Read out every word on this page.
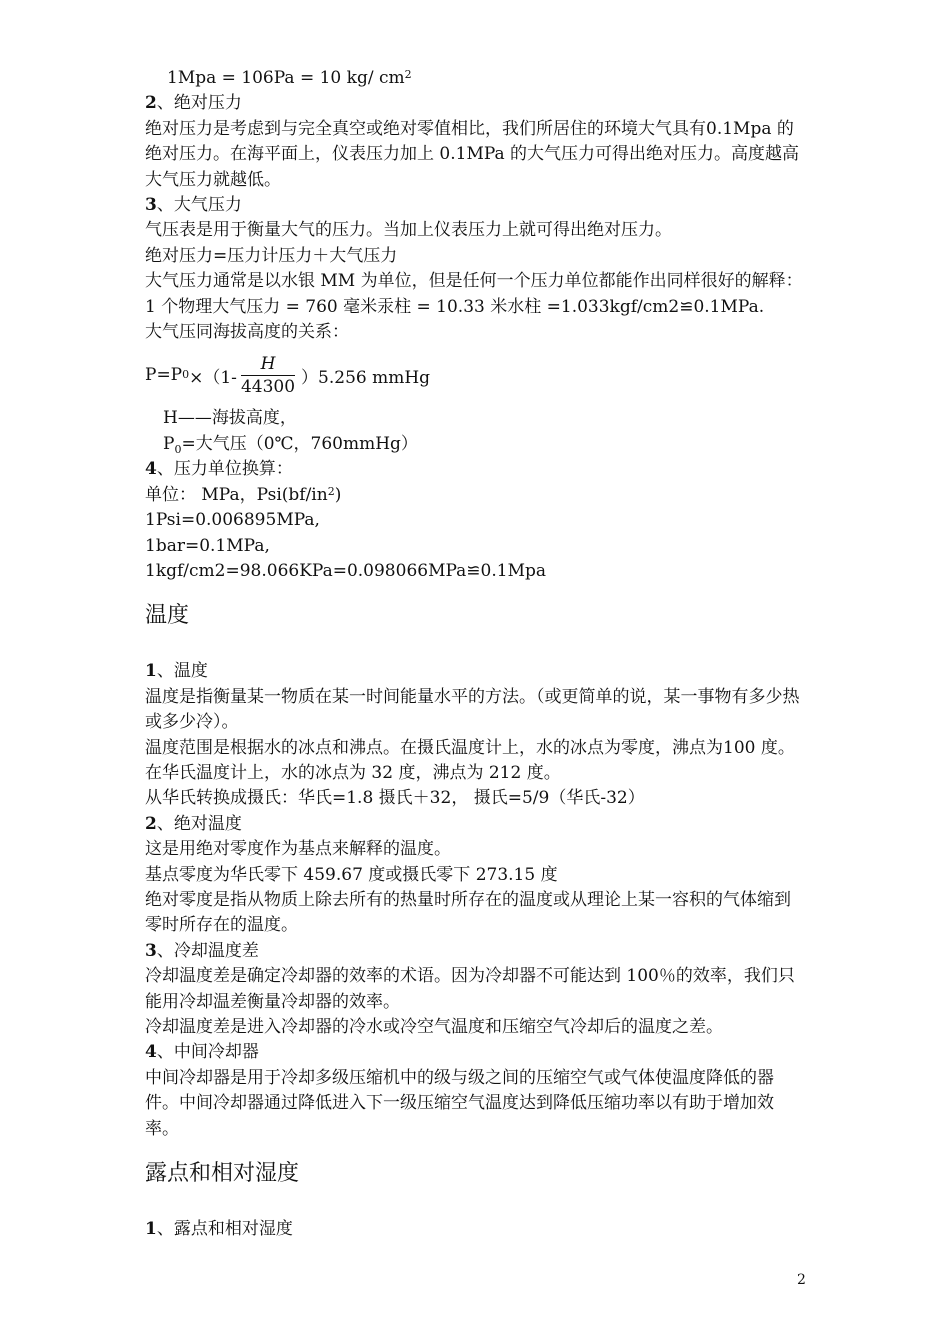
1Mpa = 106Pa = 10 kg/ $cm^2$
2、绝对压力
绝对压力是考虑到与完全真空或绝对零值相比，我们所居住的环境大气具有0.1Mpa 的绝对压力。在海平面上，仪表压力加上 0.1MPa 的大气压力可得出绝对压力。高度越高大气压力就越低。
3、大气压力
气压表是用于衡量大气的压力。当加上仪表压力上就可得出绝对压力。
绝对压力=压力计压力＋大气压力
大气压力通常是以水银 MM 为单位，但是任何一个压力单位都能作出同样很好的解释：
1 个物理大气压力 = 760 毫米汞柱 = 10.33 米水柱 =1.033kgf/cm2≌0.1MPa.
大气压同海拔高度的关系：
P=P $0 \times(1- \frac{H}{44300} )5.256$ mmHg
H——海拔高度，
$P_0=$大气压（0℃，760mmHg）
4、压力单位换算：
单位： MPa，$Psi(bf/in^2)$
1Psi=0.006895MPa,
1bar=0.1MPa,
1kgf/cm2=98.066KPa=0.098066MPa≌0.1Mpa
温度
1、温度
温度是指衡量某一物质在某一时间能量水平的方法。（或更简单的说，某一事物有多少热或多少冷）。
温度范围是根据水的冰点和沸点。在摄氏温度计上，水的冰点为零度，沸点为100 度。在华氏温度计上，水的冰点为 32 度，沸点为 212 度。
从华氏转换成摄氏：华氏=1.8 摄氏＋32， 摄氏=5/9（华氏-32）
2、绝对温度
这是用绝对零度作为基点来解释的温度。
基点零度为华氏零下 459.67 度或摄氏零下 273.15 度
绝对零度是指从物质上除去所有的热量时所存在的温度或从理论上某一容积的气体缩到零时所存在的温度。
3、冷却温度差
冷却温度差是确定冷却器的效率的术语。因为冷却器不可能达到 100％的效率，我们只能用冷却温差衡量冷却器的效率。
冷却温度差是进入冷却器的冷水或冷空气温度和压缩空气冷却后的温度之差。
4、中间冷却器
中间冷却器是用于冷却多级压缩机中的级与级之间的压缩空气或气体使温度降低的器件。中间冷却器通过降低进入下一级压缩空气温度达到降低压缩功率以有助于增加效率。
露点和相对湿度
1、露点和相对湿度
2
